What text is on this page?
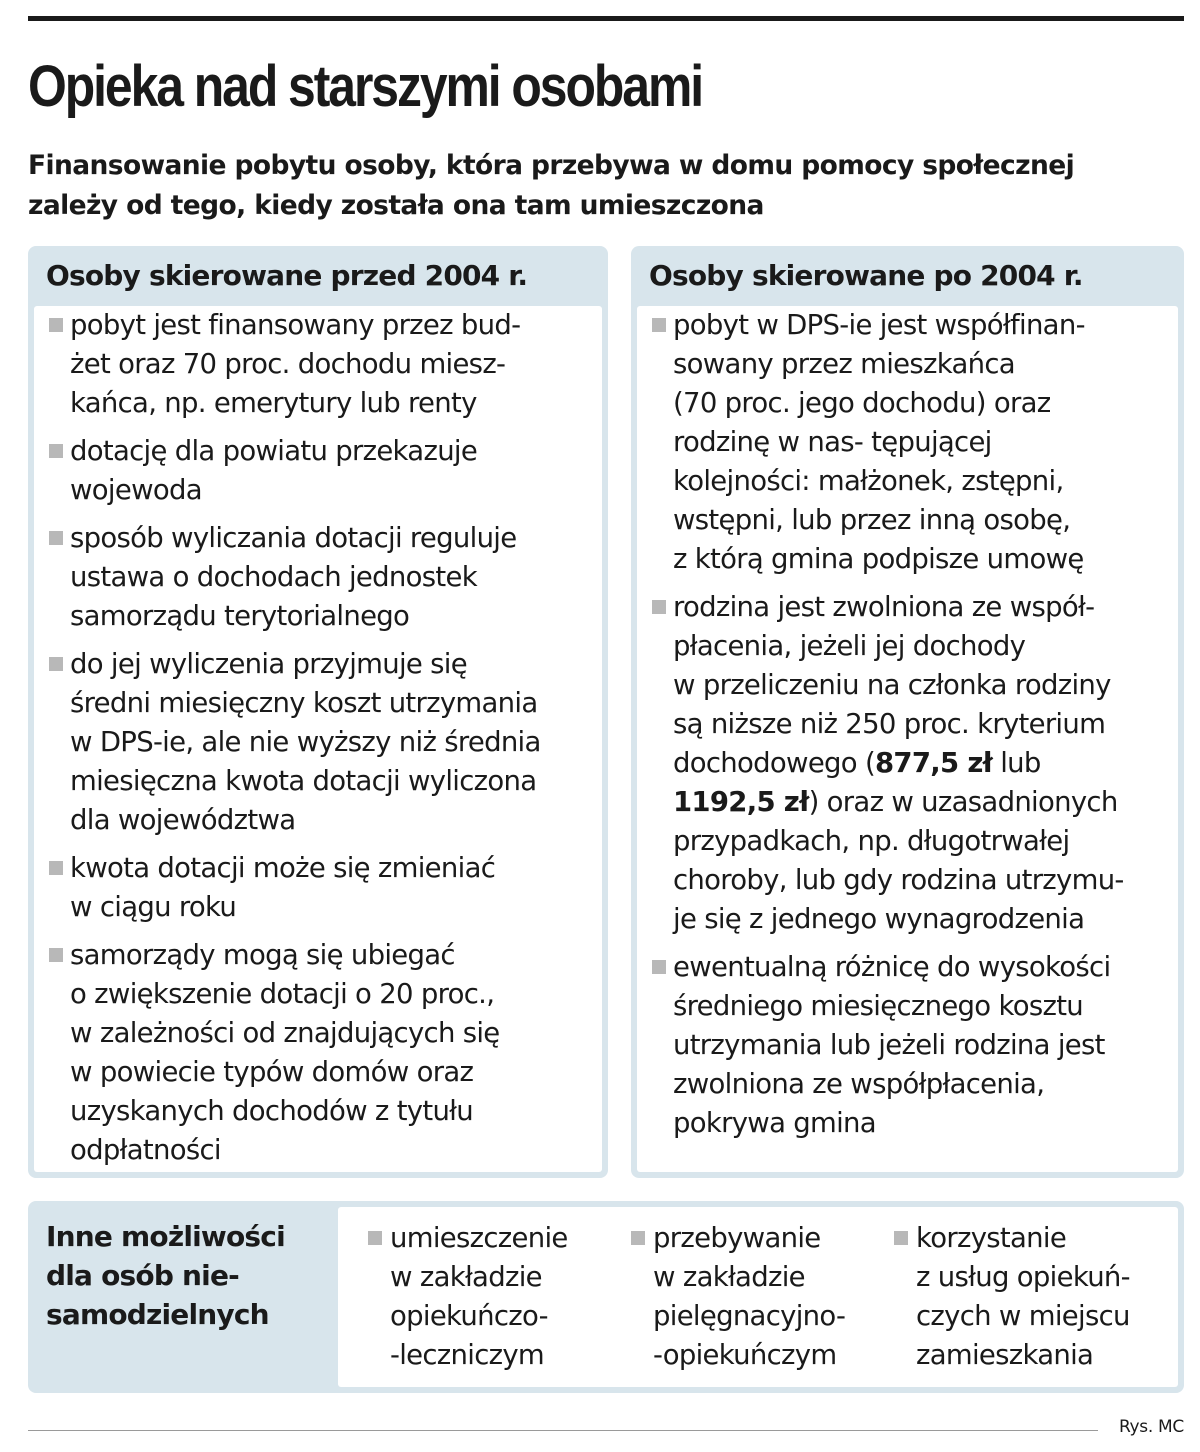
Opieka nad starszymi osobami
Finansowanie pobytu osoby, która przebywa w domu pomocy społecznej
zależy od tego, kiedy została ona tam umieszczona
Osoby skierowane przed 2004 r.
pobyt jest finansowany przez bud-
żet oraz 70 proc. dochodu miesz-
kańca, np. emerytury lub renty
dotację dla powiatu przekazuje
wojewoda
sposób wyliczania dotacji reguluje
ustawa o dochodach jednostek
samorządu terytorialnego
do jej wyliczenia przyjmuje się
średni miesięczny koszt utrzymania
w DPS-ie, ale nie wyższy niż średnia
miesięczna kwota dotacji wyliczona
dla województwa
kwota dotacji może się zmieniać
w ciągu roku
samorządy mogą się ubiegać
o zwiększenie dotacji o 20 proc.,
w zależności od znajdujących się
w powiecie typów domów oraz
uzyskanych dochodów z tytułu
odpłatności
Osoby skierowane po 2004 r.
pobyt w DPS-ie jest współfinan-
sowany przez mieszkańca
(70 proc. jego dochodu) oraz
rodzinę w nas- tępującej
kolejności: małżonek, zstępni,
wstępni, lub przez inną osobę,
z którą gmina podpisze umowę
rodzina jest zwolniona ze współ-
płacenia, jeżeli jej dochody
w przeliczeniu na członka rodziny
są niższe niż 250 proc. kryterium
dochodowego (877,5 zł lub
1192,5 zł) oraz w uzasadnionych
przypadkach, np. długotrwałej
choroby, lub gdy rodzina utrzymu-
je się z jednego wynagrodzenia
ewentualną różnicę do wysokości
średniego miesięcznego kosztu
utrzymania lub jeżeli rodzina jest
zwolniona ze współpłacenia,
pokrywa gmina
Inne możliwości
dla osób nie-
samodzielnych
umieszczenie
w zakładzie
opiekuńczo-
-leczniczym
przebywanie
w zakładzie
pielęgnacyjno-
-opiekuńczym
korzystanie
z usług opiekuń-
czych w miejscu
zamieszkania
Rys. MC
